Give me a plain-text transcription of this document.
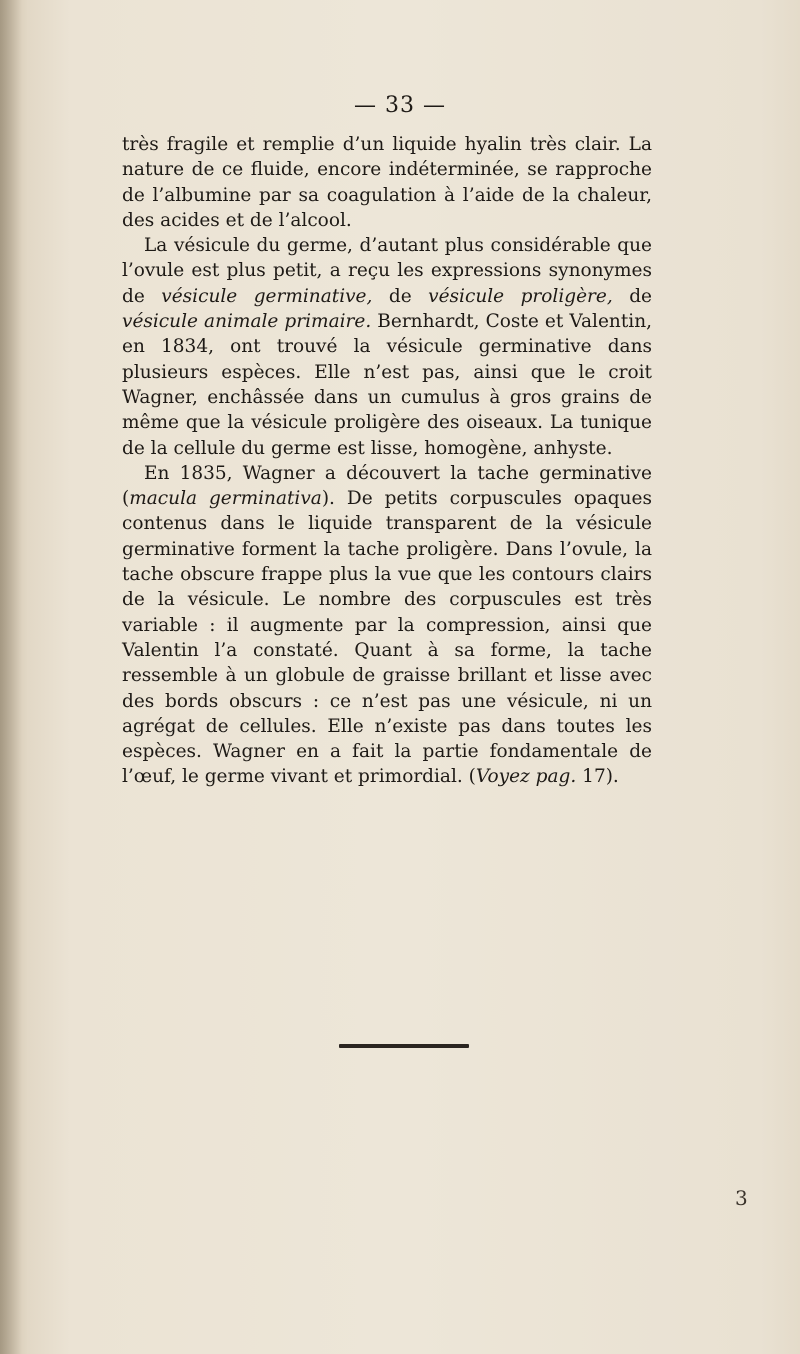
— 33 —

très fragile et remplie d’un liquide hyalin très clair. La nature de ce fluide, encore indéterminée, se rapproche de l’albumine par sa coagulation à l’aide de la chaleur, des acides et de l’alcool.

La vésicule du germe, d’autant plus considérable que l’ovule est plus petit, a reçu les expressions synonymes de vésicule germinative, de vésicule proligère, de vésicule animale primaire. Bernhardt, Coste et Valentin, en 1834, ont trouvé la vésicule germinative dans plusieurs espèces. Elle n’est pas, ainsi que le croit Wagner, enchâssée dans un cumulus à gros grains de même que la vésicule proligère des oiseaux. La tunique de la cellule du germe est lisse, homogène, anhyste.

En 1835, Wagner a découvert la tache germinative (macula germinativa). De petits corpuscules opaques contenus dans le liquide transparent de la vésicule germinative forment la tache proligère. Dans l’ovule, la tache obscure frappe plus la vue que les contours clairs de la vésicule. Le nombre des corpuscules est très variable : il augmente par la compression, ainsi que Valentin l’a constaté. Quant à sa forme, la tache ressemble à un globule de graisse brillant et lisse avec des bords obscurs : ce n’est pas une vésicule, ni un agrégat de cellules. Elle n’existe pas dans toutes les espèces. Wagner en a fait la partie fondamentale de l’œuf, le germe vivant et primordial. (Voyez pag. 17).

3
